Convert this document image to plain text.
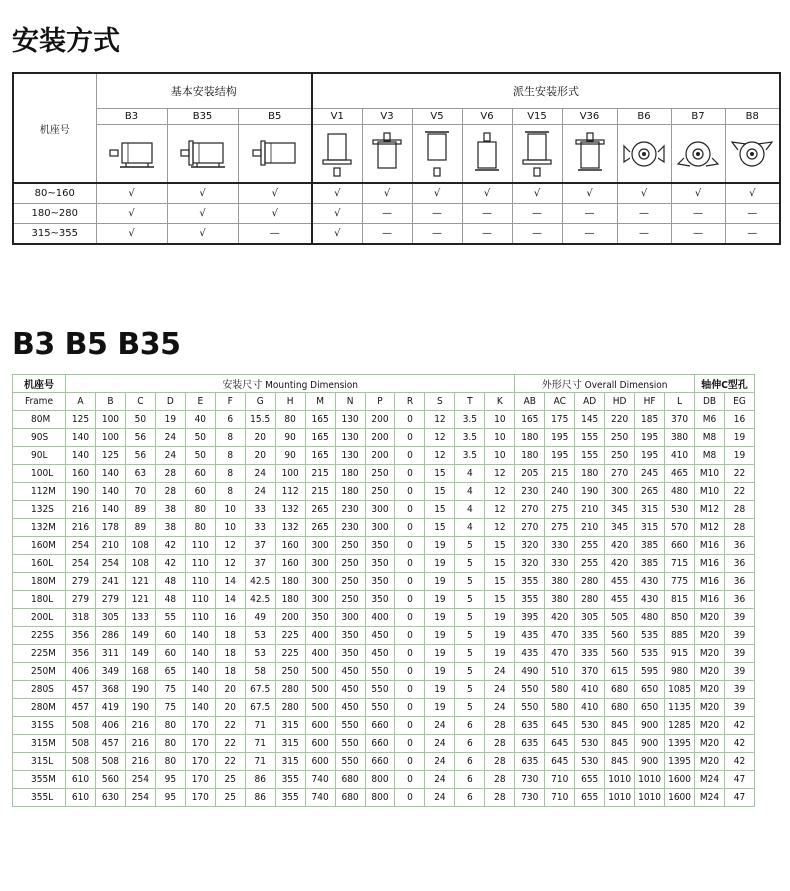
安装方式
机座号	基本安装结构			派生安装形式								
	B3	B35	B5	V1	V3	V5	V6	V15	V36	B6	B7	B8

80~160	√	√	√	√	√	√	√	√	√	√	√	√
180~280	√	√	√	√	—	—	—	—	—	—	—	—
315~355	√	√	—	√	—	—	—	—	—	—	—	—
B3 B5 B35
机座号	安装尺寸 Mounting Dimension															外形尺寸 Overall Dimension						轴伸C型孔	
Frame	A	B	C	D	E	F	G	H	M	N	P	R	S	T	K	AB	AC	AD	HD	HF	L	DB	EG
80M	125	100	50	19	40	6	15.5	80	165	130	200	0	12	3.5	10	165	175	145	220	185	370	M6	16
90S	140	100	56	24	50	8	20	90	165	130	200	0	12	3.5	10	180	195	155	250	195	380	M8	19
90L	140	125	56	24	50	8	20	90	165	130	200	0	12	3.5	10	180	195	155	250	195	410	M8	19
100L	160	140	63	28	60	8	24	100	215	180	250	0	15	4	12	205	215	180	270	245	465	M10	22
112M	190	140	70	28	60	8	24	112	215	180	250	0	15	4	12	230	240	190	300	265	480	M10	22
132S	216	140	89	38	80	10	33	132	265	230	300	0	15	4	12	270	275	210	345	315	530	M12	28
132M	216	178	89	38	80	10	33	132	265	230	300	0	15	4	12	270	275	210	345	315	570	M12	28
160M	254	210	108	42	110	12	37	160	300	250	350	0	19	5	15	320	330	255	420	385	660	M16	36
160L	254	254	108	42	110	12	37	160	300	250	350	0	19	5	15	320	330	255	420	385	715	M16	36
180M	279	241	121	48	110	14	42.5	180	300	250	350	0	19	5	15	355	380	280	455	430	775	M16	36
180L	279	279	121	48	110	14	42.5	180	300	250	350	0	19	5	15	355	380	280	455	430	815	M16	36
200L	318	305	133	55	110	16	49	200	350	300	400	0	19	5	19	395	420	305	505	480	850	M20	39
225S	356	286	149	60	140	18	53	225	400	350	450	0	19	5	19	435	470	335	560	535	885	M20	39
225M	356	311	149	60	140	18	53	225	400	350	450	0	19	5	19	435	470	335	560	535	915	M20	39
250M	406	349	168	65	140	18	58	250	500	450	550	0	19	5	24	490	510	370	615	595	980	M20	39
280S	457	368	190	75	140	20	67.5	280	500	450	550	0	19	5	24	550	580	410	680	650	1085	M20	39
280M	457	419	190	75	140	20	67.5	280	500	450	550	0	19	5	24	550	580	410	680	650	1135	M20	39
315S	508	406	216	80	170	22	71	315	600	550	660	0	24	6	28	635	645	530	845	900	1285	M20	42
315M	508	457	216	80	170	22	71	315	600	550	660	0	24	6	28	635	645	530	845	900	1395	M20	42
315L	508	508	216	80	170	22	71	315	600	550	660	0	24	6	28	635	645	530	845	900	1395	M20	42
355M	610	560	254	95	170	25	86	355	740	680	800	0	24	6	28	730	710	655	1010	1010	1600	M24	47
355L	610	630	254	95	170	25	86	355	740	680	800	0	24	6	28	730	710	655	1010	1010	1600	M24	47
